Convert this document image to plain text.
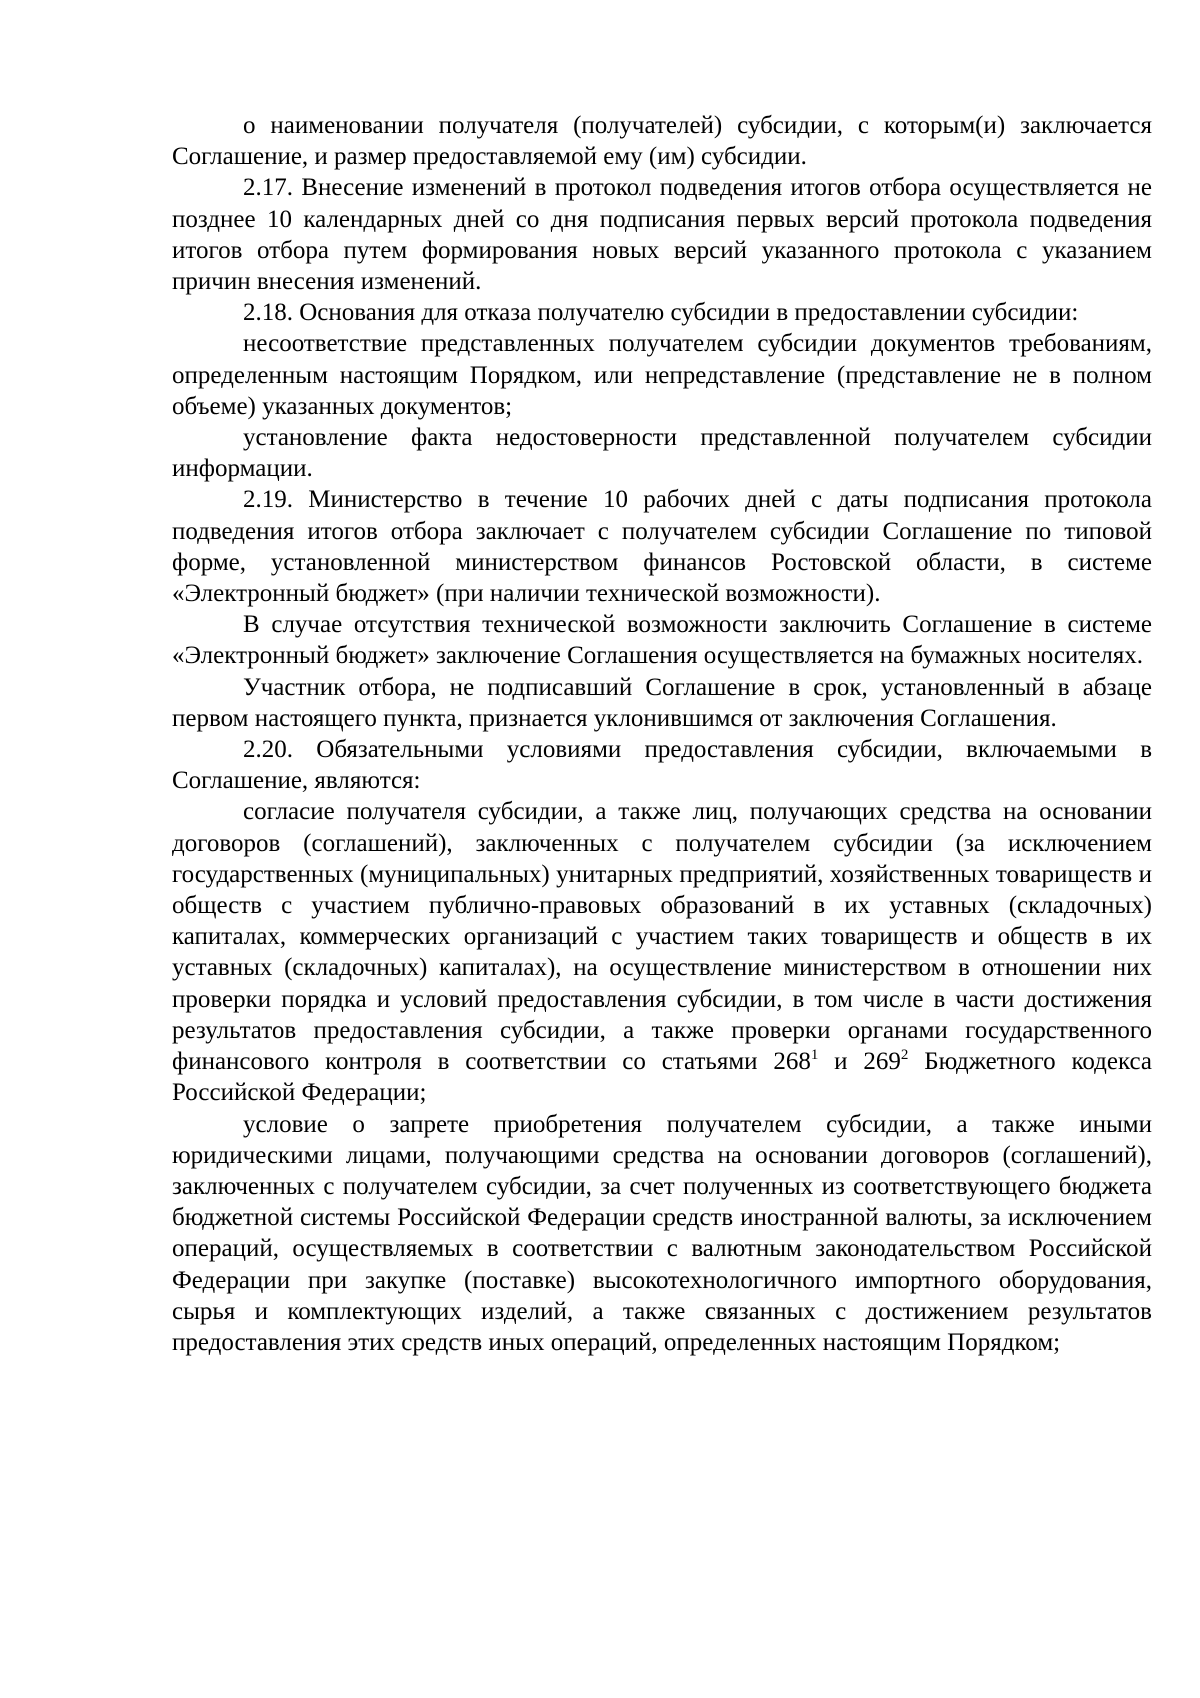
о наименовании получателя (получателей) субсидии, с которым(и) заключается Соглашение, и размер предоставляемой ему (им) субсидии.

2.17. Внесение изменений в протокол подведения итогов отбора осуществляется не позднее 10 календарных дней со дня подписания первых версий протокола подведения итогов отбора путем формирования новых версий указанного протокола с указанием причин внесения изменений.

2.18. Основания для отказа получателю субсидии в предоставлении субсидии:

несоответствие представленных получателем субсидии документов требованиям, определенным настоящим Порядком, или непредставление (представление не в полном объеме) указанных документов;

установление факта недостоверности представленной получателем субсидии информации.

2.19. Министерство в течение 10 рабочих дней с даты подписания протокола подведения итогов отбора заключает с получателем субсидии Соглашение по типовой форме, установленной министерством финансов Ростовской области, в системе «Электронный бюджет» (при наличии технической возможности).

В случае отсутствия технической возможности заключить Соглашение в системе «Электронный бюджет» заключение Соглашения осуществляется на бумажных носителях.

Участник отбора, не подписавший Соглашение в срок, установленный в абзаце первом настоящего пункта, признается уклонившимся от заключения Соглашения.

2.20. Обязательными условиями предоставления субсидии, включаемыми в Соглашение, являются:

согласие получателя субсидии, а также лиц, получающих средства на основании договоров (соглашений), заключенных с получателем субсидии (за исключением государственных (муниципальных) унитарных предприятий, хозяйственных товариществ и обществ с участием публично-правовых образований в их уставных (складочных) капиталах, коммерческих организаций с участием таких товариществ и обществ в их уставных (складочных) капиталах), на осуществление министерством в отношении них проверки порядка и условий предоставления субсидии, в том числе в части достижения результатов предоставления субсидии, а также проверки органами государственного финансового контроля в соответствии со статьями $268^1$ и $269^2$ Бюджетного кодекса Российской Федерации;

условие о запрете приобретения получателем субсидии, а также иными юридическими лицами, получающими средства на основании договоров (соглашений), заключенных с получателем субсидии, за счет полученных из соответствующего бюджета бюджетной системы Российской Федерации средств иностранной валюты, за исключением операций, осуществляемых в соответствии с валютным законодательством Российской Федерации при закупке (поставке) высокотехнологичного импортного оборудования, сырья и комплектующих изделий, а также связанных с достижением результатов предоставления этих средств иных операций, определенных настоящим Порядком;
